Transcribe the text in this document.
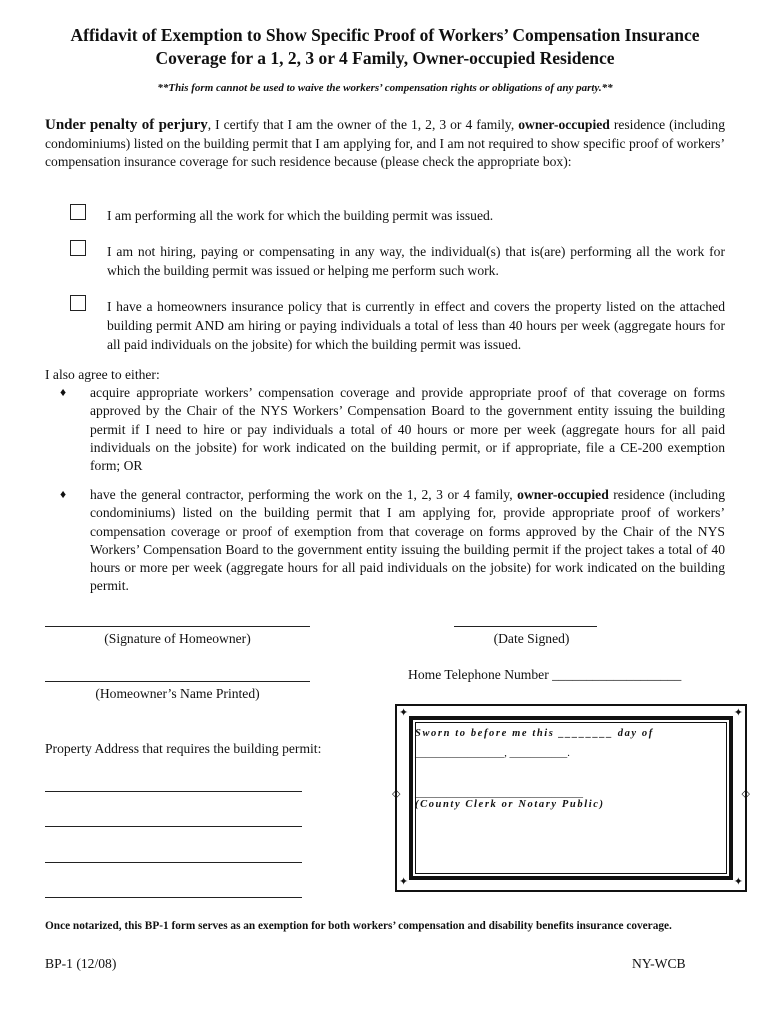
Affidavit of Exemption to Show Specific Proof of Workers’ Compensation Insurance
Coverage for a 1, 2, 3 or 4 Family, Owner-occupied Residence
**This form cannot be used to waive the workers’ compensation rights or obligations of any party.**
Under penalty of perjury, I certify that I am the owner of the 1, 2, 3 or 4 family, owner-occupied residence (including condominiums) listed on the building permit that I am applying for, and I am not required to show specific proof of workers’ compensation insurance coverage for such residence because (please check the appropriate box):
I am performing all the work for which the building permit was issued.
I am not hiring, paying or compensating in any way, the individual(s) that is(are) performing all the work for which the building permit was issued or helping me perform such work.
I have a homeowners insurance policy that is currently in effect and covers the property listed on the attached building permit AND am hiring or paying individuals a total of less than 40 hours per week (aggregate hours for all paid individuals on the jobsite) for which the building permit was issued.
I also agree to either:
♦ acquire appropriate workers’ compensation coverage and provide appropriate proof of that coverage on forms approved by the Chair of the NYS Workers’ Compensation Board to the government entity issuing the building permit if I need to hire or pay individuals a total of 40 hours or more per week (aggregate hours for all paid individuals on the jobsite) for work indicated on the building permit, or if appropriate, file a CE-200 exemption form; OR
♦ have the general contractor, performing the work on the 1, 2, 3 or 4 family, owner-occupied residence (including condominiums) listed on the building permit that I am applying for, provide appropriate proof of workers’ compensation coverage or proof of exemption from that coverage on forms approved by the Chair of the NYS Workers’ Compensation Board to the government entity issuing the building permit if the project takes a total of 40 hours or more per week (aggregate hours for all paid individuals on the jobsite) for work indicated on the building permit.
(Signature of Homeowner)	(Date Signed)
(Homeowner’s Name Printed)
Home Telephone Number ___________________
Property Address that requires the building permit:
✦	✦
✦	✦
◇	◇
Sworn to before me this ________ day of
_________________, ___________.
________________________________
(County Clerk or Notary Public)
Once notarized, this BP-1 form serves as an exemption for both workers’ compensation and disability benefits insurance coverage.
BP-1 (12/08)	NY-WCB
